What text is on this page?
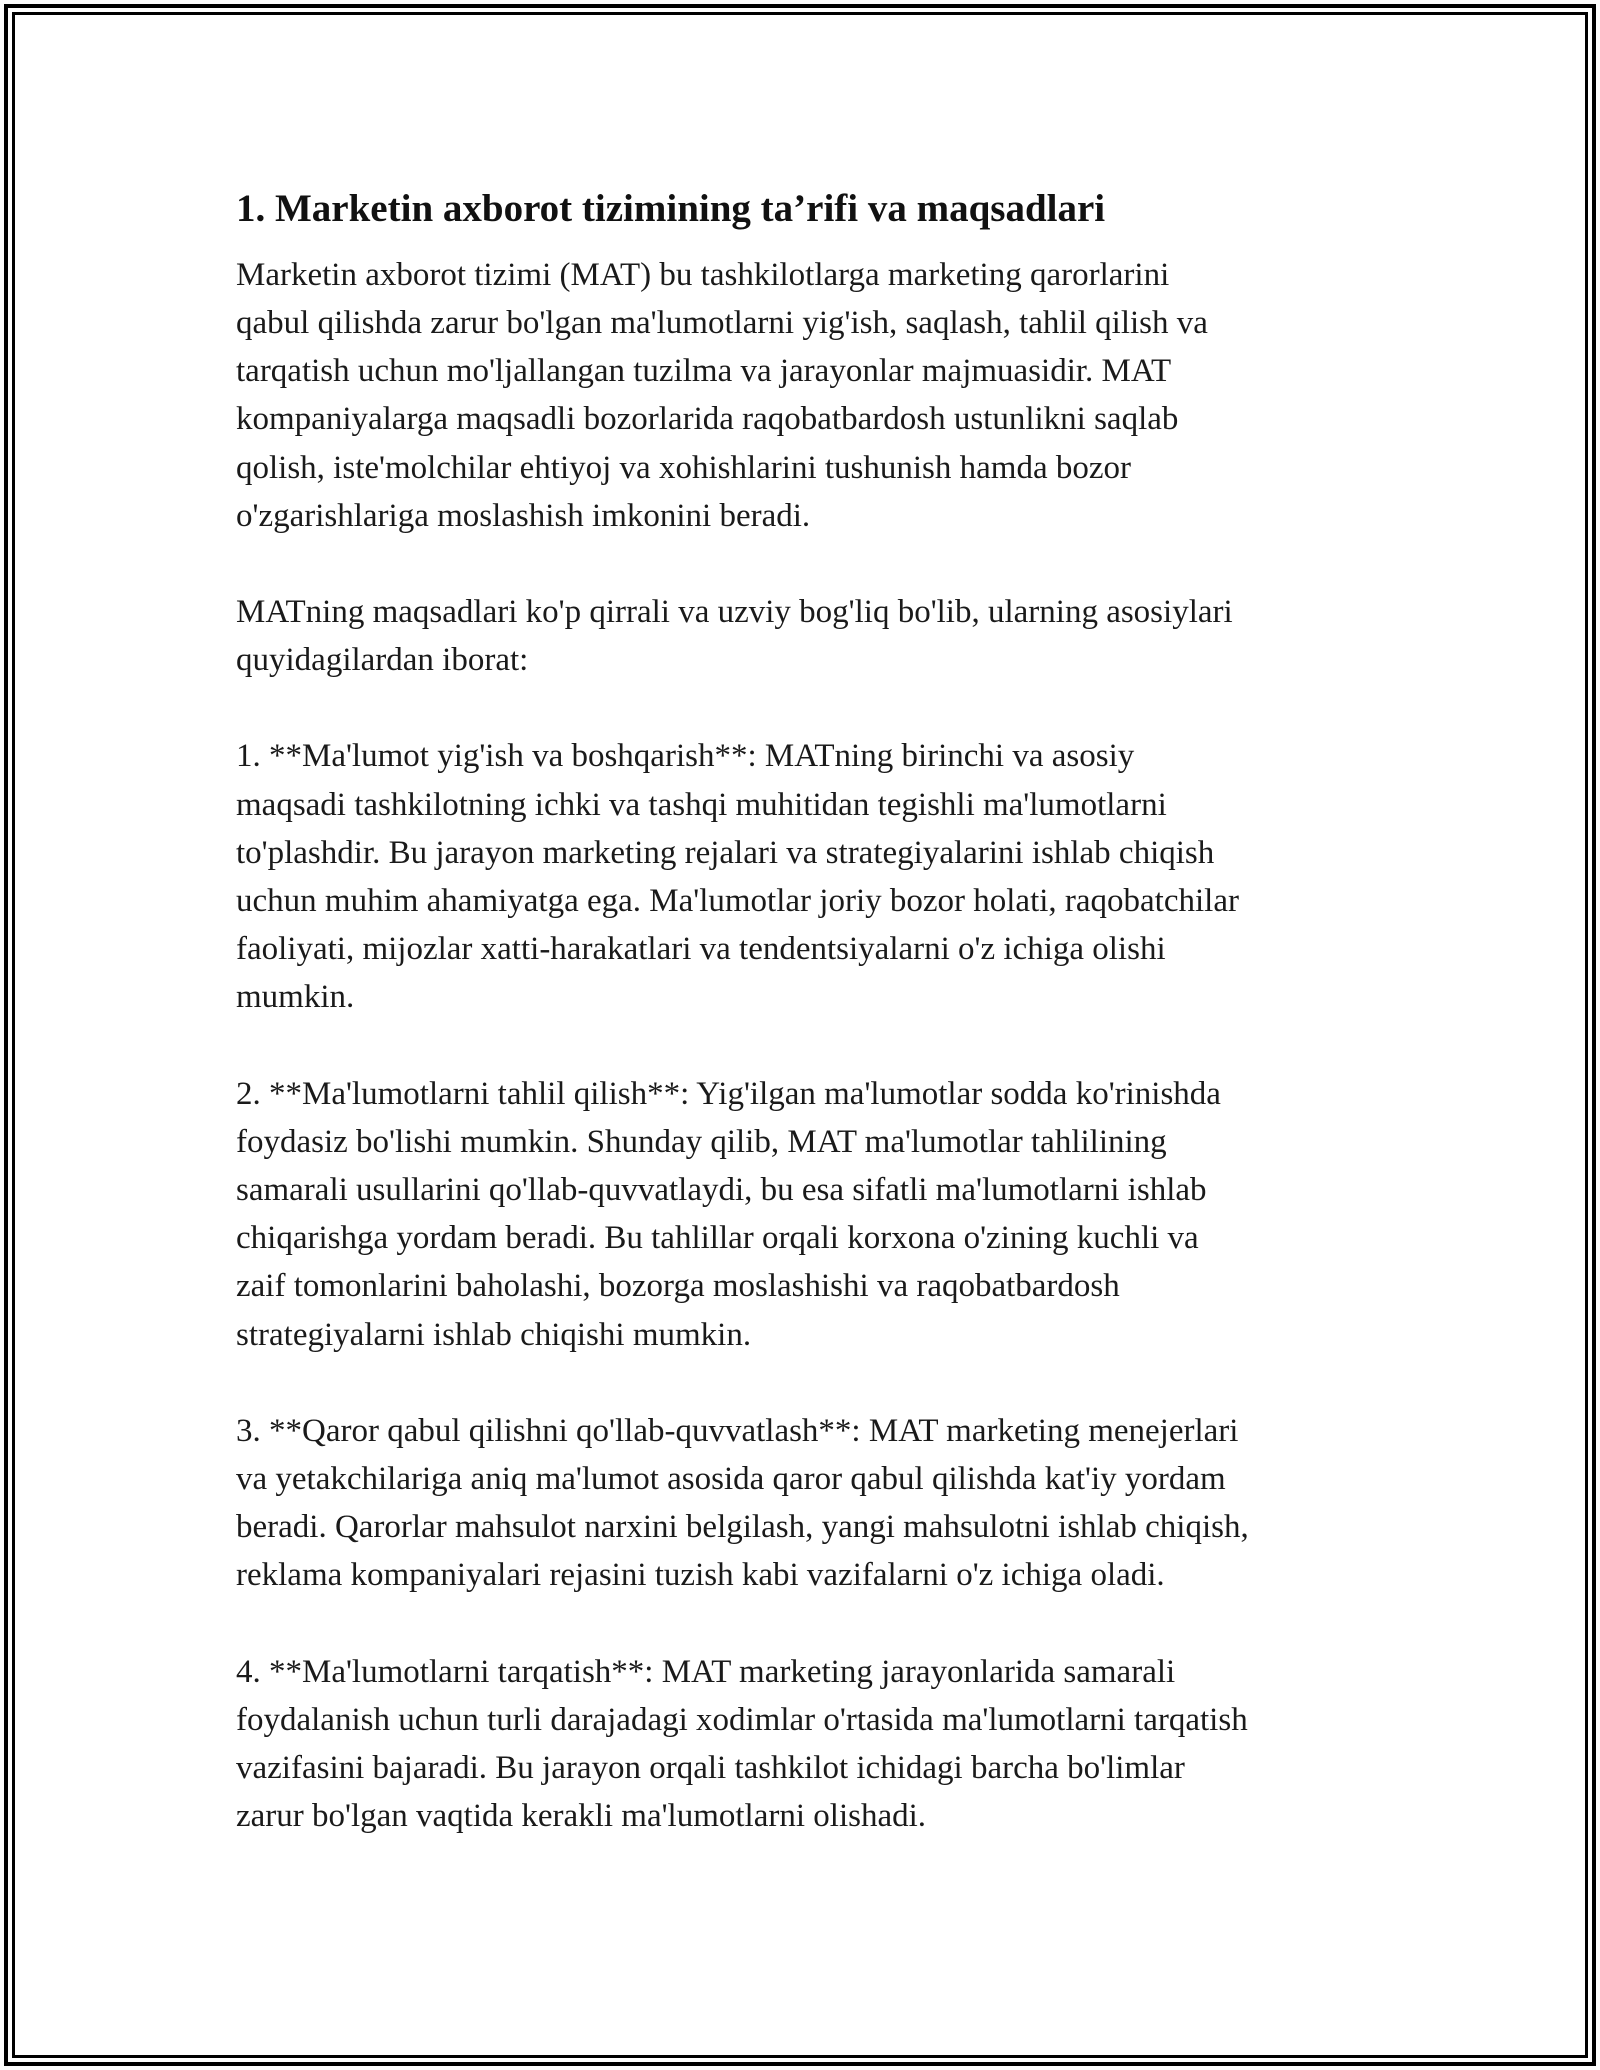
1. Marketin axborot tizimining ta’rifi va maqsadlari

Marketin axborot tizimi (MAT) bu tashkilotlarga marketing qarorlarini
qabul qilishda zarur bo'lgan ma'lumotlarni yig'ish, saqlash, tahlil qilish va
tarqatish uchun mo'ljallangan tuzilma va jarayonlar majmuasidir. MAT
kompaniyalarga maqsadli bozorlarida raqobatbardosh ustunlikni saqlab
qolish, iste'molchilar ehtiyoj va xohishlarini tushunish hamda bozor
o'zgarishlariga moslashish imkonini beradi.

MATning maqsadlari ko'p qirrali va uzviy bog'liq bo'lib, ularning asosiylari
quyidagilardan iborat:

1. **Ma'lumot yig'ish va boshqarish**: MATning birinchi va asosiy
maqsadi tashkilotning ichki va tashqi muhitidan tegishli ma'lumotlarni
to'plashdir. Bu jarayon marketing rejalari va strategiyalarini ishlab chiqish
uchun muhim ahamiyatga ega. Ma'lumotlar joriy bozor holati, raqobatchilar
faoliyati, mijozlar xatti-harakatlari va tendentsiyalarni o'z ichiga olishi
mumkin.

2. **Ma'lumotlarni tahlil qilish**: Yig'ilgan ma'lumotlar sodda ko'rinishda
foydasiz bo'lishi mumkin. Shunday qilib, MAT ma'lumotlar tahlilining
samarali usullarini qo'llab-quvvatlaydi, bu esa sifatli ma'lumotlarni ishlab
chiqarishga yordam beradi. Bu tahlillar orqali korxona o'zining kuchli va
zaif tomonlarini baholashi, bozorga moslashishi va raqobatbardosh
strategiyalarni ishlab chiqishi mumkin.

3. **Qaror qabul qilishni qo'llab-quvvatlash**: MAT marketing menejerlari
va yetakchilariga aniq ma'lumot asosida qaror qabul qilishda kat'iy yordam
beradi. Qarorlar mahsulot narxini belgilash, yangi mahsulotni ishlab chiqish,
reklama kompaniyalari rejasini tuzish kabi vazifalarni o'z ichiga oladi.

4. **Ma'lumotlarni tarqatish**: MAT marketing jarayonlarida samarali
foydalanish uchun turli darajadagi xodimlar o'rtasida ma'lumotlarni tarqatish
vazifasini bajaradi. Bu jarayon orqali tashkilot ichidagi barcha bo'limlar
zarur bo'lgan vaqtida kerakli ma'lumotlarni olishadi.
